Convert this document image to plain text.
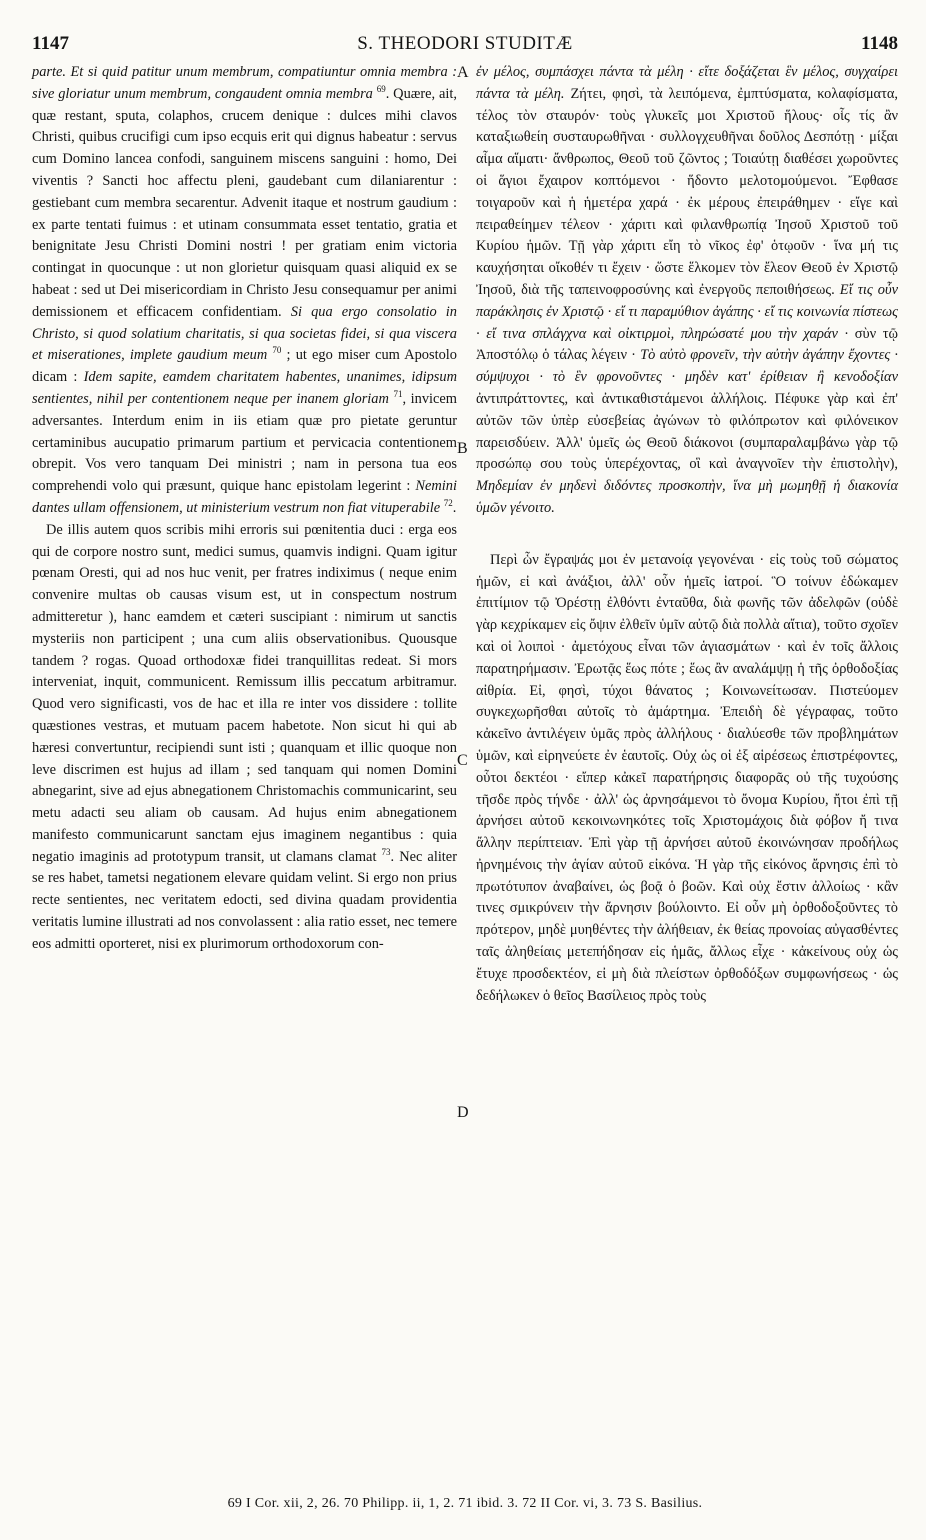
1147	S. THEODORI STUDITÆ	1148

parte. Et si quid patitur unum membrum, compatiuntur omnia membra : sive gloriatur unum membrum, congaudent omnia membra $^{69}$. Quære, ait, quæ restant, sputa, colaphos, crucem denique : dulces mihi clavos Christi, quibus crucifigi cum ipso ecquis erit qui dignus habeatur : servus cum Domino lancea confodi, sanguinem miscens sanguini : homo, Dei viventis ? Sancti hoc affectu pleni, gaudebant cum dilaniarentur : gestiebant cum membra secarentur. Advenit itaque et nostrum gaudium : ex parte tentati fuimus : et utinam consummata esset tentatio, gratia et benignitate Jesu Christi Domini nostri ! per gratiam enim victoria contingat in quocunque : ut non glorietur quisquam quasi aliquid ex se habeat : sed ut Dei misericordiam in Christo Jesu consequamur per animi demissionem et efficacem confidentiam. Si qua ergo consolatio in Christo, si quod solatium charitatis, si qua societas fidei, si qua viscera et miserationes, implete gaudium meum $^{70}$ ; ut ego miser cum Apostolo dicam : Idem sapite, eamdem charitatem habentes, unanimes, idipsum sentientes, nihil per contentionem neque per inanem gloriam $^{71}$, invicem adversantes. Interdum enim in iis etiam quæ pro pietate geruntur certaminibus aucupatio primarum partium et pervicacia contentionem obrepit. Vos vero tanquam Dei ministri ; nam in persona tua eos comprehendi volo qui præsunt, quique hanc epistolam legerint : Nemini dantes ullam offensionem, ut ministerium vestrum non fiat vituperabile $^{72}$.

De illis autem quos scribis mihi erroris sui pœnitentia duci : erga eos qui de corpore nostro sunt, medici sumus, quamvis indigni. Quam igitur pœnam Oresti, qui ad nos huc venit, per fratres indiximus ( neque enim convenire multas ob causas visum est, ut in conspectum nostrum admitteretur ), hanc eamdem et cæteri suscipiant : nimirum ut sanctis mysteriis non participent ; una cum aliis observationibus. Quousque tandem ? rogas. Quoad orthodoxæ fidei tranquillitas redeat. Si mors interveniat, inquit, communicent. Remissum illis peccatum arbitramur. Quod vero significasti, vos de hac et illa re inter vos dissidere : tollite quæstiones vestras, et mutuam pacem habetote. Non sicut hi qui ab hæresi convertuntur, recipiendi sunt isti ; quanquam et illic quoque non leve discrimen est hujus ad illam ; sed tanquam qui nomen Domini abnegarint, sive ad ejus abnegationem Christomachis communicarint, seu metu adacti seu aliam ob causam. Ad hujus enim abnegationem manifesto communicarunt sanctam ejus imaginem negantibus : quia negatio imaginis ad prototypum transit, ut clamans clamat $^{73}$. Nec aliter se res habet, tametsi negationem elevare quidam velint. Si ergo non prius recte sentientes, nec veritatem edocti, sed divina quadam providentia veritatis lumine illustrati ad nos convolassent : alia ratio esset, nec temere eos admitti oporteret, nisi ex plurimorum orthodoxorum con-

ἐν μέλος, συμπάσχει πάντα τὰ μέλη · εἴτε δοξάζεται ἓν μέλος, συγχαίρει πάντα τὰ μέλη. Ζήτει, φησὶ, τὰ λειπόμενα, ἐμπτύσματα, κολαφίσματα, τέλος τὸν σταυρόν· τοὺς γλυκεῖς μοι Χριστοῦ ἥλους· οἷς τίς ἂν καταξιωθείη συσταυρωθῆναι · συλλογχευθῆναι δοῦλος Δεσπότῃ · μίξαι αἷμα αἵματι· ἄνθρωπος, Θεοῦ τοῦ ζῶντος ; Τοιαύτῃ διαθέσει χωροῦντες οἱ ἅγιοι ἔχαιρον κοπτόμενοι · ἥδοντο μελοτομούμενοι. Ἔφθασε τοιγαροῦν καὶ ἡ ἡμετέρα χαρά · ἐκ μέρους ἐπειράθημεν · εἴγε καὶ πειραθείημεν τέλεον · χάριτι καὶ φιλανθρωπίᾳ Ἰησοῦ Χριστοῦ τοῦ Κυρίου ἡμῶν. Τῇ γὰρ χάριτι εἴη τὸ νῖκος ἐφ' ὁτῳοῦν · ἵνα μή τις καυχήσηται οἴκοθέν τι ἔχειν · ὥστε ἕλκομεν τὸν ἔλεον Θεοῦ ἐν Χριστῷ Ἰησοῦ, διὰ τῆς ταπεινοφροσύνης καὶ ἐνεργοῦς πεποιθήσεως. Εἴ τις οὖν παράκλησις ἐν Χριστῷ · εἴ τι παραμύθιον ἀγάπης · εἴ τις κοινωνία πίστεως · εἴ τινα σπλάγχνα καὶ οἰκτιρμοὶ, πληρώσατέ μου τὴν χαράν · σὺν τῷ Ἀποστόλῳ ὁ τάλας λέγειν · Τὸ αὐτὸ φρονεῖν, τὴν αὐτὴν ἀγάπην ἔχοντες · σύμψυχοι · τὸ ἓν φρονοῦντες · μηδὲν κατ' ἐρίθειαν ἢ κενοδοξίαν ἀντιπράττοντες, καὶ ἀντικαθιστάμενοι ἀλλήλοις. Πέφυκε γὰρ καὶ ἐπ' αὐτῶν τῶν ὑπὲρ εὐσεβείας ἀγώνων τὸ φιλόπρωτον καὶ φιλόνεικον παρεισδύειν. Ἀλλ' ὑμεῖς ὡς Θεοῦ διάκονοι (συμπαραλαμβάνω γὰρ τῷ προσώπῳ σου τοὺς ὑπερέχοντας, οἳ καὶ ἀναγνοῖεν τὴν ἐπιστολὴν), Μηδεμίαν ἐν μηδενὶ διδόντες προσκοπὴν, ἵνα μὴ μωμηθῇ ἡ διακονία ὑμῶν γένοιτο.

Περὶ ὧν ἔγραψάς μοι ἐν μετανοίᾳ γεγονέναι · εἰς τοὺς τοῦ σώματος ἡμῶν, εἰ καὶ ἀνάξιοι, ἀλλ' οὖν ἡμεῖς ἰατροί. Ὃ τοίνυν ἐδώκαμεν ἐπιτίμιον τῷ Ὀρέστῃ ἐλθόντι ἐνταῦθα, διὰ φωνῆς τῶν ἀδελφῶν (οὐδὲ γὰρ κεχρίκαμεν εἰς ὄψιν ἐλθεῖν ὑμῖν αὐτῷ διὰ πολλὰ αἴτια), τοῦτο σχοῖεν καὶ οἱ λοιποὶ · ἀμετόχους εἶναι τῶν ἁγιασμάτων · καὶ ἐν τοῖς ἄλλοις παρατηρήμασιν. Ἐρωτᾷς ἕως πότε ; ἕως ἂν αναλάμψῃ ἡ τῆς ὀρθοδοξίας αἰθρία. Εἰ, φησὶ, τύχοι θάνατος ; Κοινωνείτωσαν. Πιστεύομεν συγκεχωρῆσθαι αὐτοῖς τὸ ἁμάρτημα. Ἐπειδὴ δὲ γέγραφας, τοῦτο κἀκεῖνο ἀντιλέγειν ὑμᾶς πρὸς ἀλλήλους · διαλύεσθε τῶν προβλημάτων ὑμῶν, καὶ εἰρηνεύετε ἐν ἑαυτοῖς. Οὐχ ὡς οἱ ἐξ αἱρέσεως ἐπιστρέφοντες, οὗτοι δεκτέοι · εἴπερ κἀκεῖ παρατήρησις διαφορᾶς οὐ τῆς τυχούσης τῆσδε πρὸς τήνδε · ἀλλ' ὡς ἀρνησάμενοι τὸ ὄνομα Κυρίου, ἤτοι ἐπὶ τῇ ἀρνήσει αὐτοῦ κεκοινωνηκότες τοῖς Χριστομάχοις διὰ φόβον ἤ τινα ἄλλην περίπτειαν. Ἐπὶ γὰρ τῇ ἀρνήσει αὐτοῦ ἐκοινώνησαν προδήλως ἠρνημένοις τὴν ἁγίαν αὐτοῦ εἰκόνα. Ἡ γὰρ τῆς εἰκόνος ἄρνησις ἐπὶ τὸ πρωτότυπον ἀναβαίνει, ὡς βοᾷ ὁ βοῶν. Καὶ οὐχ ἔστιν ἀλλοίως · κἂν τινες σμικρύνειν τὴν ἄρνησιν βούλοιντο. Εἰ οὖν μὴ ὀρθοδοξοῦντες τὸ πρότερον, μηδὲ μυηθέντες τὴν ἀλήθειαν, ἐκ θείας προνοίας αὐγασθέντες ταῖς ἀληθείαις μετεπήδησαν εἰς ἡμᾶς, ἄλλως εἶχε · κἀκείνους οὐχ ὡς ἔτυχε προσδεκτέον, εἰ μὴ διὰ πλείστων ὀρθοδόξων συμφωνήσεως · ὡς δεδήλωκεν ὁ θεῖος Βασίλειος πρὸς τοὺς

A
B
C
D
69 I Cor. xii, 2, 26. 70 Philipp. ii, 1, 2. 71 ibid. 3. 72 II Cor. vi, 3. 73 S. Basilius.
